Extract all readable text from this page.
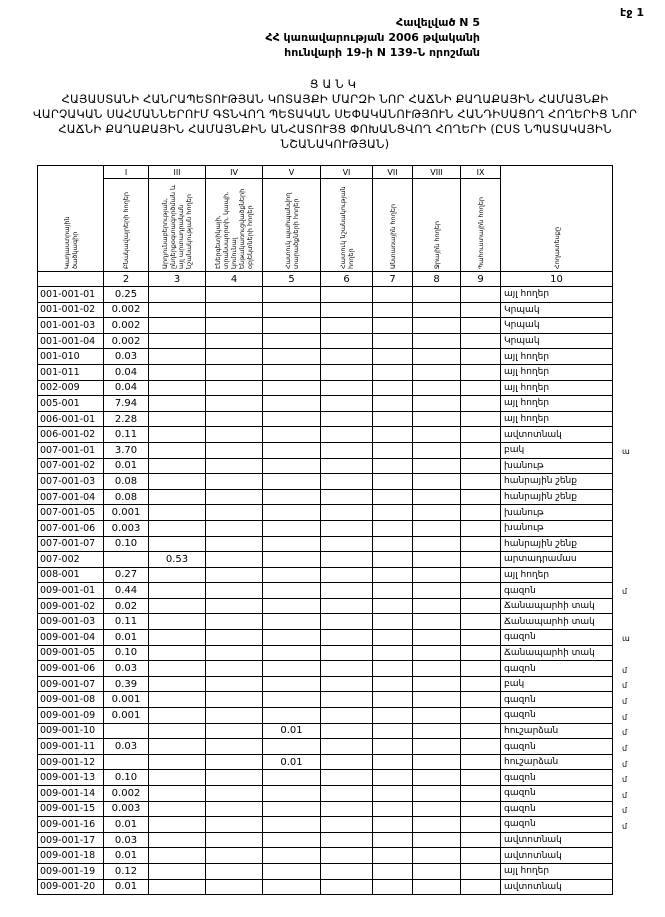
էջ 1
Հավելված N 5
ՀՀ կառավարության 2006 թվականի
հունվարի 19-ի N 139-Ն որոշման
ՑԱՆԿ
ՀԱՅԱՍՏԱՆԻ ՀԱՆՐԱՊԵՏՈՒԹՅԱՆ ԿՈՏԱՅՔԻ ՄԱՐԶԻ ՆՈՐ ՀԱՃՆԻ ՔԱՂԱՔԱՅԻՆ ՀԱՄԱՅՆՔԻ ՎԱՐՉԱԿԱՆ ՍԱՀՄԱՆՆԵՐՈՒՄ ԳՏՆՎՈՂ ՊԵՏԱԿԱՆ ՍԵՓԱԿԱՆՈՒԹՅՈՒՆ ՀԱՆԴԻՍԱՑՈՂ ՀՈՂԵՐԻՑ ՆՈՐ ՀԱՃՆԻ ՔԱՂԱՔԱՅԻՆ ՀԱՄԱՅՆՔԻՆ ԱՆՀԱՏՈՒՅՑ ՓՈԽԱՆՑՎՈՂ ՀՈՂԵՐԻ (ԸՍՏ ՆՊԱՏԱԿԱՅԻՆ ՆՇԱՆԱԿՈՒԹՅԱՆ)
Կադաստրային ծածկագիր	I	III	IV	V	VI	VII	VIII	IX	Հողատեսքը

	Բնակավայրերի հողեր	Արդյունաբերության, ընդերքօգտագործման և այլ արտադրական նշանակության հողեր	Էներգետիկայի, տրանսպորտի, կապի, կոմունալ ենթակառուցվածքների օբյեկտների հողեր	Հատուկ պահպանվող տարածքների հողեր	Հատուկ նշանակության հողեր	Անտառային հողեր	Ջրային հողեր	Պահուստային հողեր	

	2	3	4	5	6	7	8	9	10
001-001-01	0.25								այլ հողեր
001-001-02	0.002								Կրպակ
001-001-03	0.002								Կրպակ
001-001-04	0.002								Կրպակ
001-010	0.03								այլ հողեր
001-011	0.04								այլ հողեր
002-009	0.04								այլ հողեր
005-001	7.94								այլ հողեր
006-001-01	2.28								այլ հողեր
006-001-02	0.11								ավտոտնակ
007-001-01	3.70								բակ
007-001-02	0.01								խանութ
007-001-03	0.08								հանրային շենք
007-001-04	0.08								հանրային շենք
007-001-05	0.001								խանութ
007-001-06	0.003								խանութ
007-001-07	0.10								հանրային շենք
007-002		0.53							արտադրամաս
008-001	0.27								այլ հողեր
009-001-01	0.44								գազոն
009-001-02	0.02								Ճանապարհի տակ
009-001-03	0.11								Ճանապարհի տակ
009-001-04	0.01								գազոն
009-001-05	0.10								Ճանապարհի տակ
009-001-06	0.03								գազոն
009-001-07	0.39								բակ
009-001-08	0.001								գազոն
009-001-09	0.001								գազոն
009-001-10				0.01					հուշարձան
009-001-11	0.03								գազոն
009-001-12				0.01					հուշարձան
009-001-13	0.10								գազոն
009-001-14	0.002								գազոն
009-001-15	0.003								գազոն
009-001-16	0.01								գազոն
009-001-17	0.03								ավտոտնակ
009-001-18	0.01								ավտոտնակ
009-001-19	0.12								այլ հողեր
009-001-20	0.01								ավտոտնակ
ա
մ
ա
մ
մ
մ
մ
մ
մ
մ
մ
մ
մ
մ
